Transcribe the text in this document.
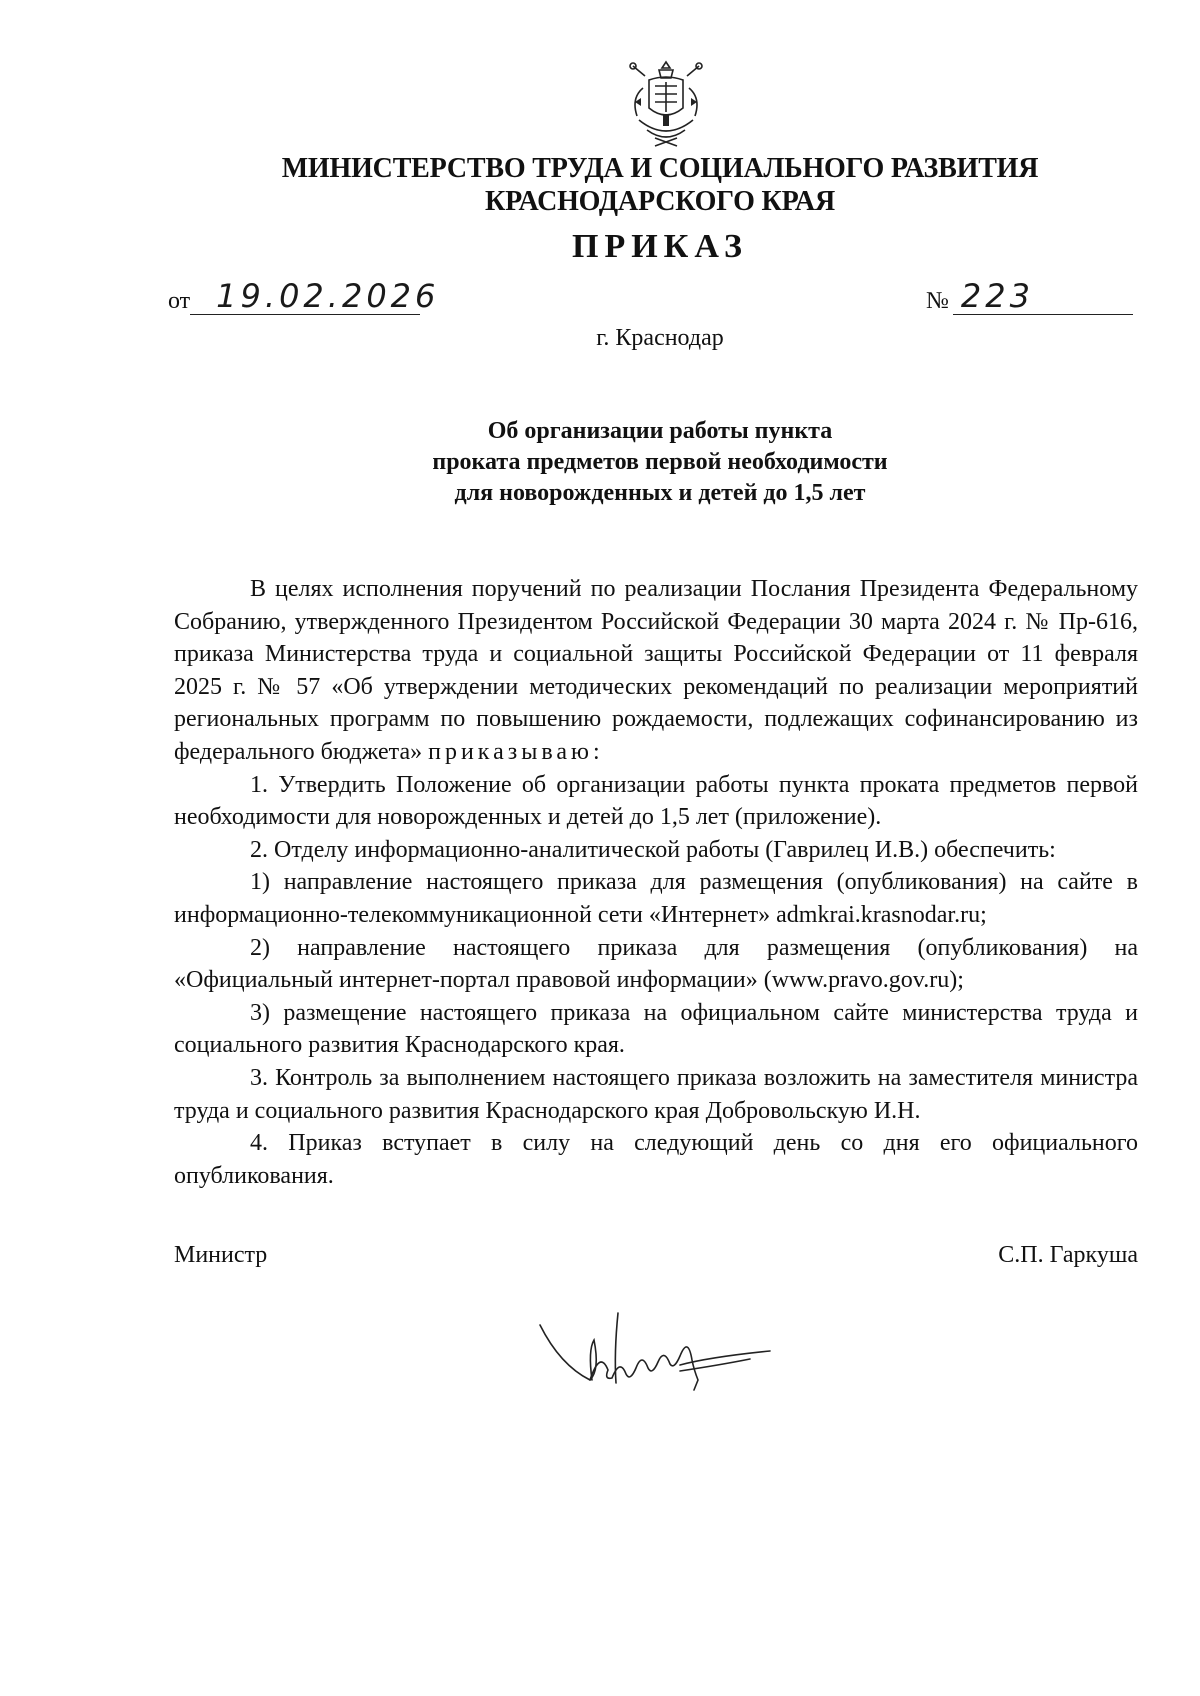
МИНИСТЕРСТВО ТРУДА И СОЦИАЛЬНОГО РАЗВИТИЯ
КРАСНОДАРСКОГО КРАЯ
ПРИКАЗ
от 19.02.2026	№ 223
г. Краснодар
Об организации работы пункта
проката предметов первой необходимости
для новорожденных и детей до 1,5 лет

В целях исполнения поручений по реализации Послания Президента Федеральному Собранию, утвержденного Президентом Российской Федерации 30 марта 2024 г. № Пр-616, приказа Министерства труда и социальной защиты Российской Федерации от 11 февраля 2025 г. № 57 «Об утверждении методических рекомендаций по реализации мероприятий региональных программ по повышению рождаемости, подлежащих софинансированию из федерального бюджета» приказываю:

1. Утвердить Положение об организации работы пункта проката предметов первой необходимости для новорожденных и детей до 1,5 лет (приложение).

2. Отделу информационно-аналитической работы (Гаврилец И.В.) обеспечить:

1) направление настоящего приказа для размещения (опубликования) на сайте в информационно-телекоммуникационной сети «Интернет» admkrai.krasnodar.ru;

2) направление настоящего приказа для размещения (опубликования) на «Официальный интернет-портал правовой информации» (www.pravo.gov.ru);

3) размещение настоящего приказа на официальном сайте министерства труда и социального развития Краснодарского края.

3. Контроль за выполнением настоящего приказа возложить на заместителя министра труда и социального развития Краснодарского края Добровольскую И.Н.

4. Приказ вступает в силу на следующий день со дня его официального опубликования.

Министр	С.П. Гаркуша
